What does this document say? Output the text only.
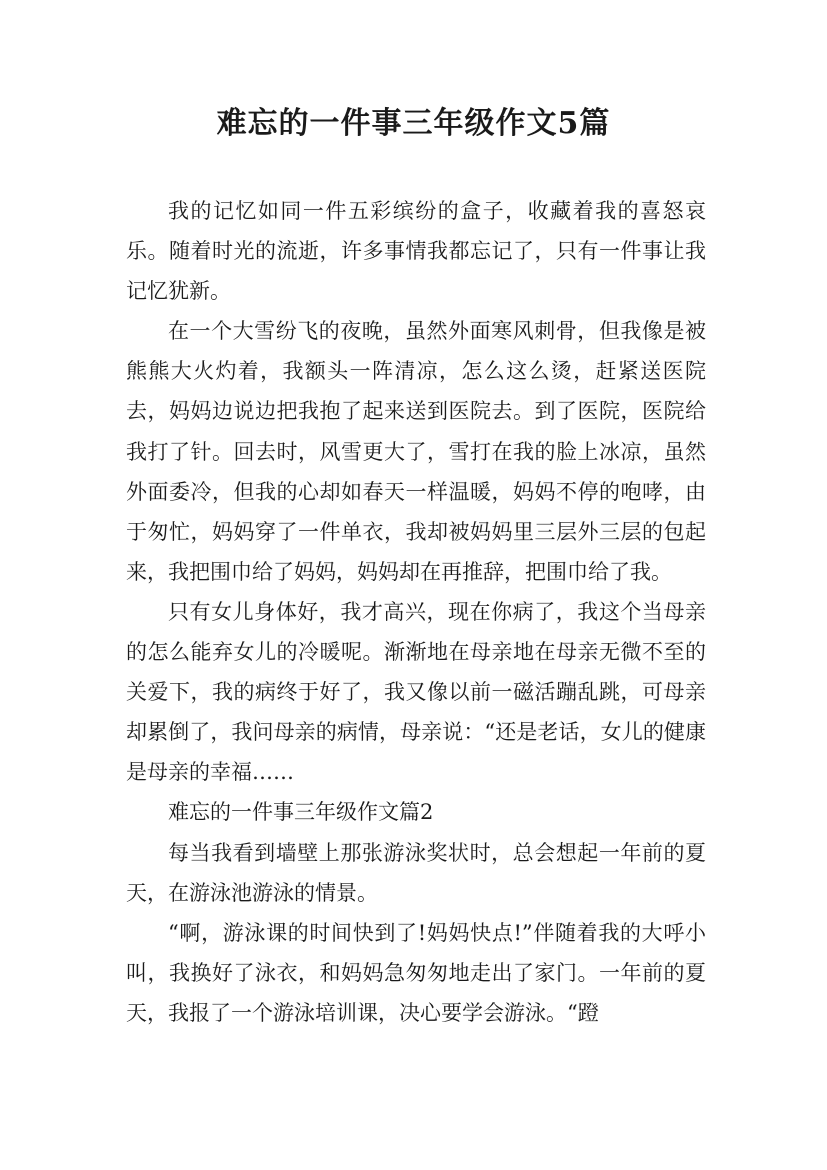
难忘的一件事三年级作文5篇

我的记忆如同一件五彩缤纷的盒子，收藏着我的喜怒哀乐。随着时光的流逝，许多事情我都忘记了，只有一件事让我记忆犹新。

在一个大雪纷飞的夜晚，虽然外面寒风刺骨，但我像是被熊熊大火灼着，我额头一阵清凉，怎么这么烫，赶紧送医院去，妈妈边说边把我抱了起来送到医院去。到了医院，医院给我打了针。回去时，风雪更大了，雪打在我的脸上冰凉，虽然外面委冷，但我的心却如春天一样温暖，妈妈不停的咆哮，由于匆忙，妈妈穿了一件单衣，我却被妈妈里三层外三层的包起来，我把围巾给了妈妈，妈妈却在再推辞，把围巾给了我。

只有女儿身体好，我才高兴，现在你病了，我这个当母亲的怎么能弃女儿的冷暖呢。渐渐地在母亲地在母亲无微不至的关爱下，我的病终于好了，我又像以前一磁活蹦乱跳，可母亲却累倒了，我问母亲的病情，母亲说：“还是老话，女儿的健康是母亲的幸福……

难忘的一件事三年级作文篇2

每当我看到墙壁上那张游泳奖状时，总会想起一年前的夏天，在游泳池游泳的情景。

“啊，游泳课的时间快到了!妈妈快点!”伴随着我的大呼小叫，我换好了泳衣，和妈妈急匆匆地走出了家门。一年前的夏天，我报了一个游泳培训课，决心要学会游泳。“蹬
